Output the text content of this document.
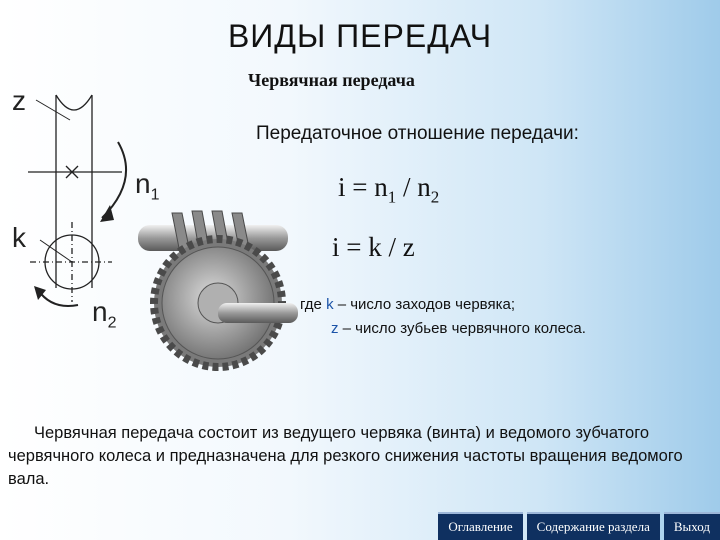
ВИДЫ ПЕРЕДАЧ
Червячная передача
z
k
$n_1$
$n_2$
Передаточное отношение передачи:
$i = n_1 / n_2$
i = k / z
где k – число заходов червяка;
z – число зубьев червячного колеса.
Червячная передача состоит из ведущего червяка (винта) и ведомого зубчатого червячного колеса и предназначена для резкого снижения частоты вращения ведомого вала.
Оглавление	Содержание раздела	Выход
